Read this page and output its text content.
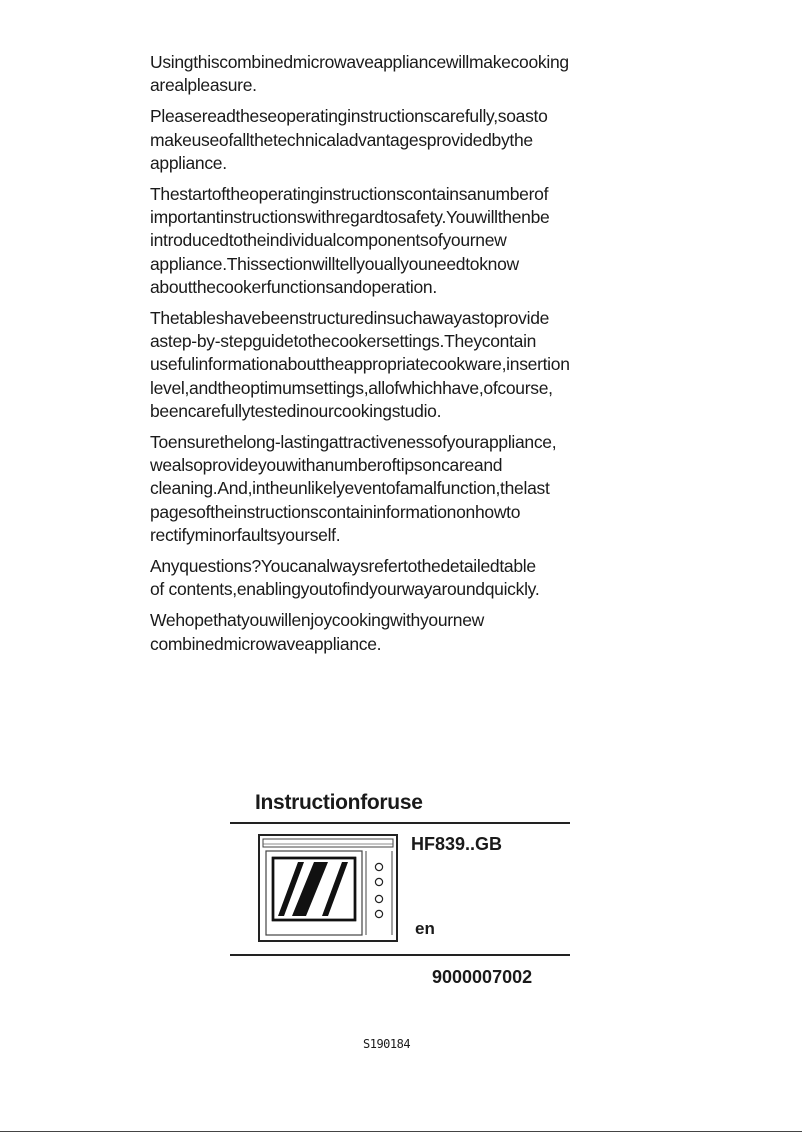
Usingthiscombinedmicrowaveappliancewillmakecooking
arealpleasure.

Pleasereadtheseoperatinginstructionscarefully,soasto
makeuseofallthetechnicaladvantagesprovidedbythe
appliance.

Thestartoftheoperatinginstructionscontainsanumberof
importantinstructionswithregardtosafety.Youwillthenbe
introducedtotheindividualcomponentsofyournew
appliance.Thissectionwilltellyouallyouneedtoknow
aboutthecookerfunctionsandoperation.

Thetableshavebeenstructuredinsuchawayastoprovide
astep-by-stepguidetothecookersettings.Theycontain
usefulinformationabouttheappropriatecookware,insertion
level,andtheoptimumsettings,allofwhichhave,ofcourse,
beencarefullytestedinourcookingstudio.

Toensurethelong-lastingattractivenessofyourappliance,
wealsoprovideyouwithanumberoftipsoncareand
cleaning.And,intheunlikelyeventofamalfunction,thelast
pagesoftheinstructionscontaininformationonhowto
rectifyminorfaultsyourself.

Anyquestions?Youcanalwaysrefertothedetailedtable
of contents,enablingyoutofindyourwayaroundquickly.

Wehopethatyouwillenjoycookingwithyournew
combinedmicrowaveappliance.

Instructionforuse
HF839..GB
en
9000007002
S190184
